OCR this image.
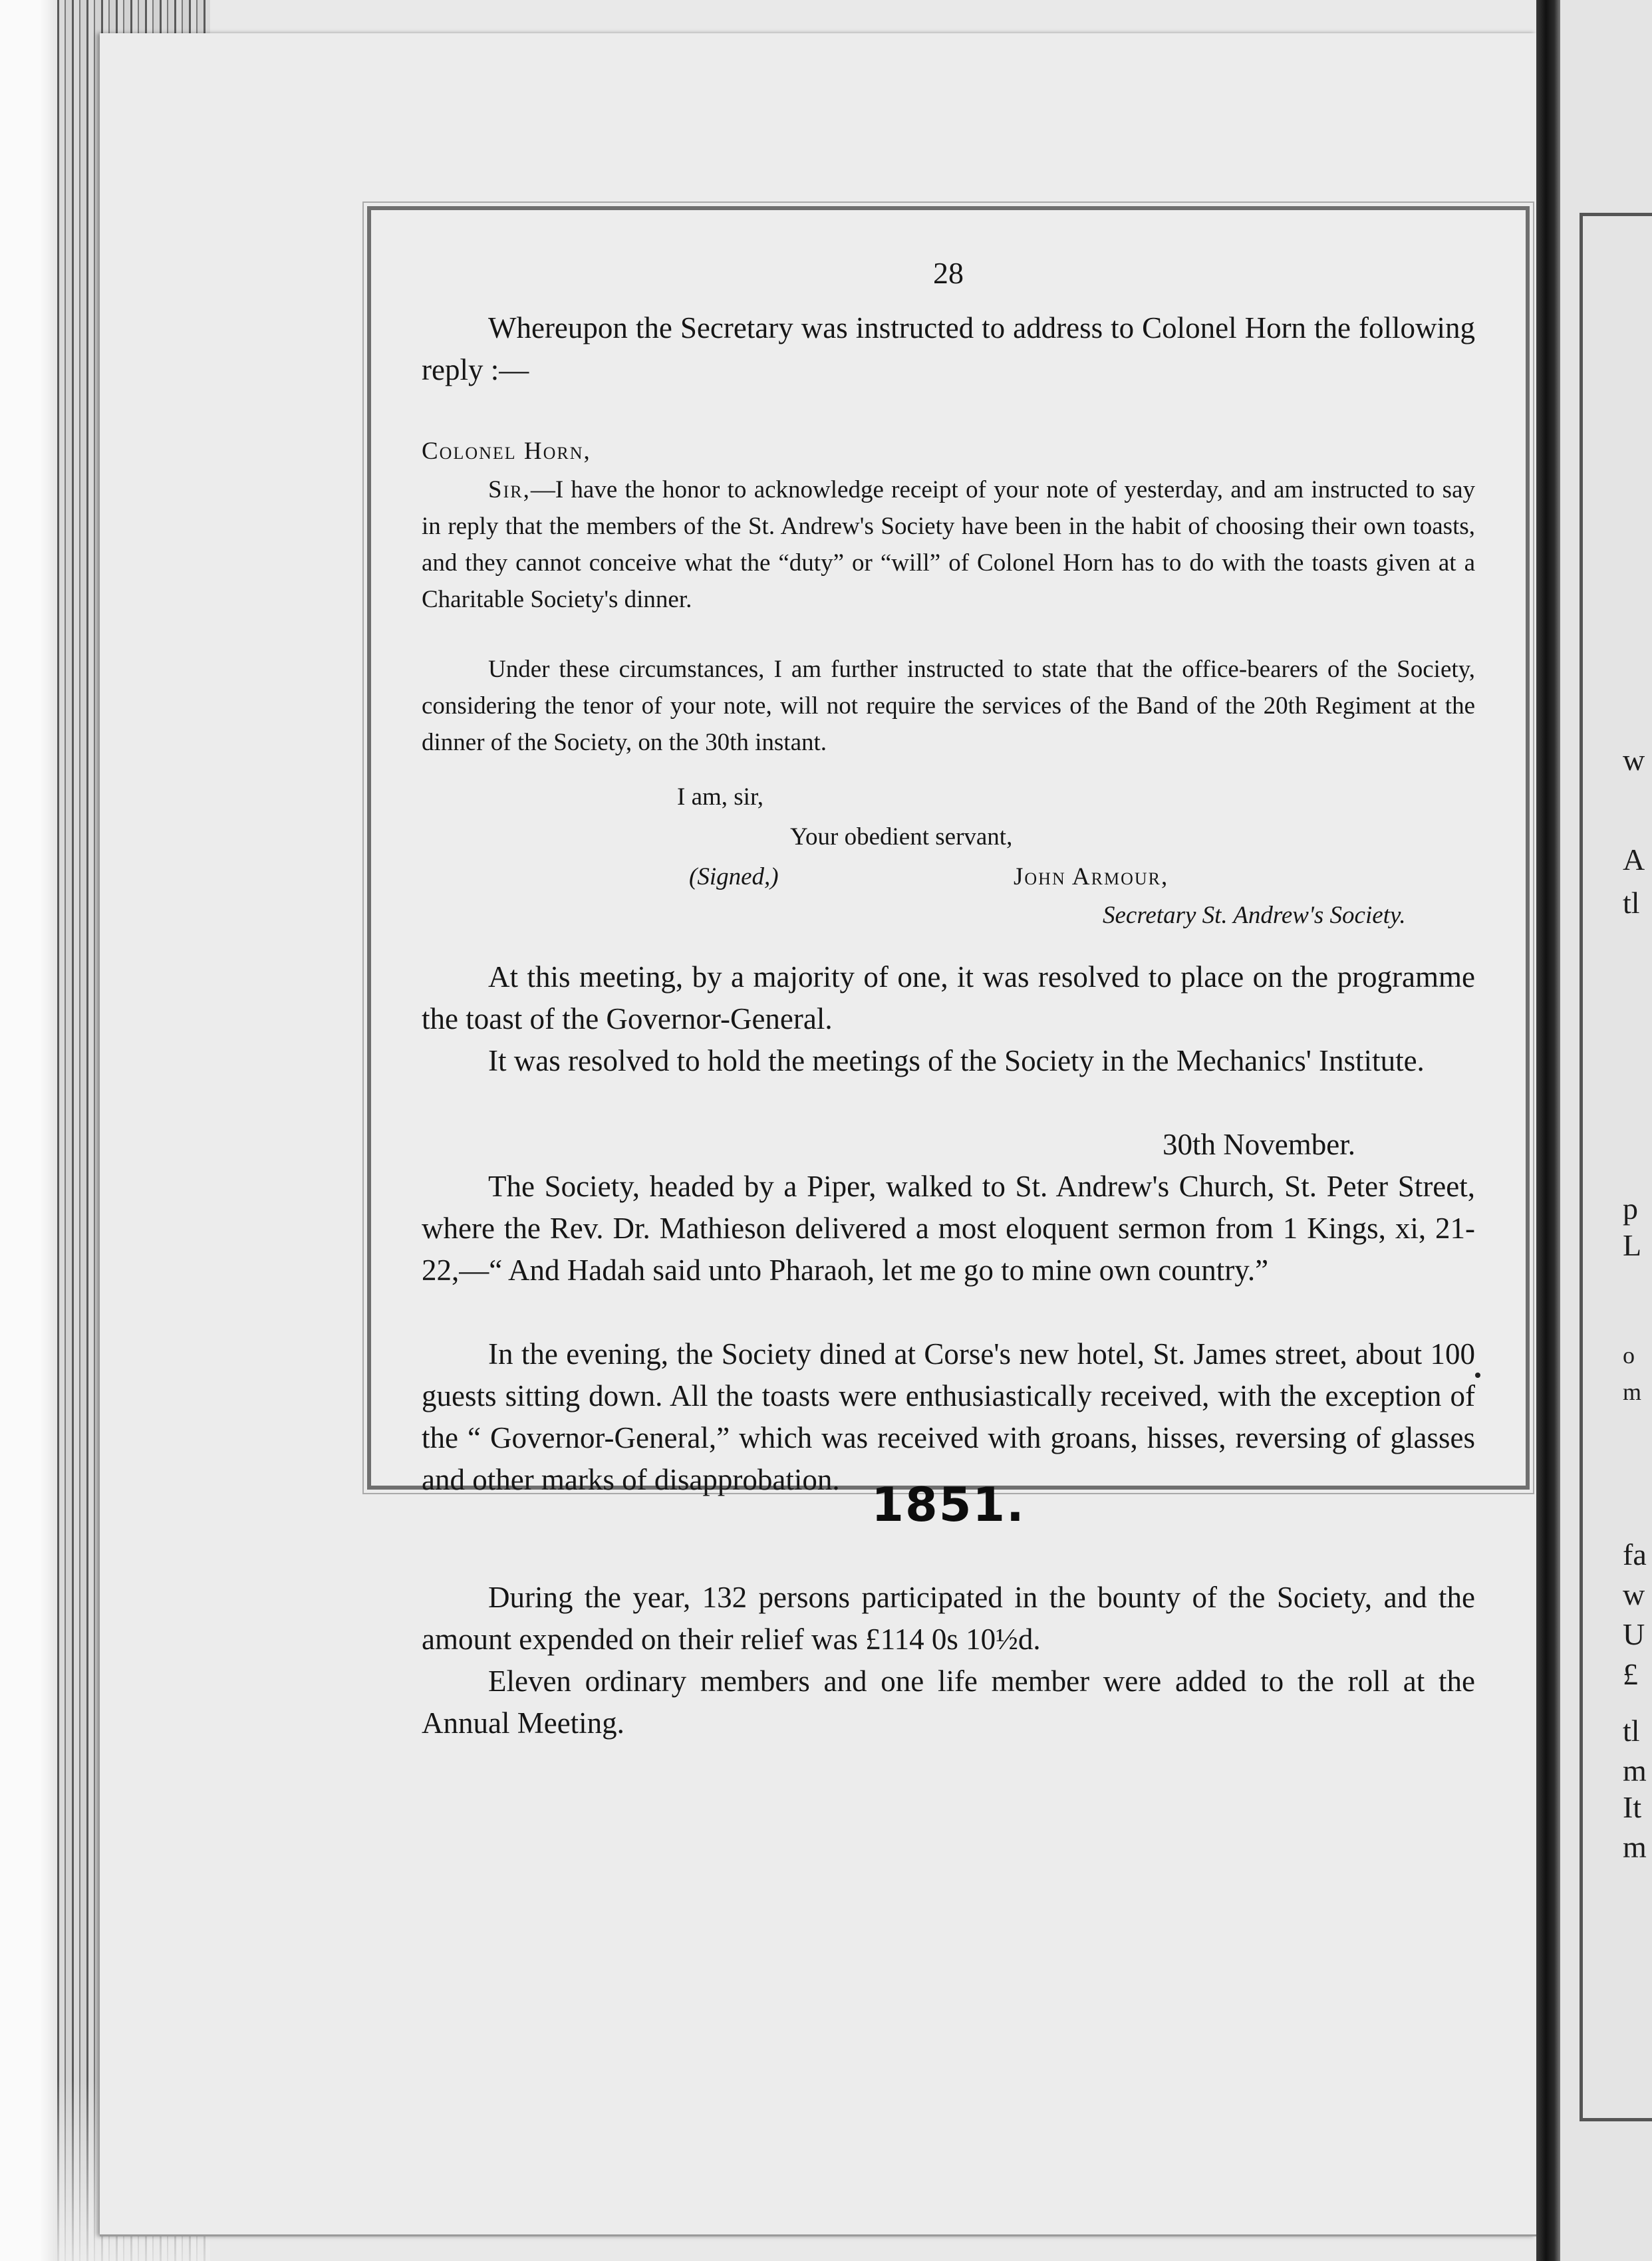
w
A
tl
p
L
o
m
fa
w
U
£
tl
m
It
m
28

Whereupon the Secretary was instructed to address to Colonel Horn the following reply :—

Colonel Horn,

Sir,—I have the honor to acknowledge receipt of your note of yesterday, and am instructed to say in reply that the members of the St. Andrew's Society have been in the habit of choosing their own toasts, and they cannot conceive what the “duty” or “will” of Colonel Horn has to do with the toasts given at a Charitable Society's dinner.

Under these circumstances, I am further instructed to state that the office-bearers of the Society, considering the tenor of your note, will not require the services of the Band of the 20th Regiment at the dinner of the Society, on the 30th instant.

I am, sir,

Your obedient servant,

(Signed,)	John Armour,

Secretary St. Andrew's Society.

At this meeting, by a majority of one, it was resolved to place on the programme the toast of the Governor-General.

It was resolved to hold the meetings of the Society in the Mechanics' Institute.

30th November.

The Society, headed by a Piper, walked to St. Andrew's Church, St. Peter Street, where the Rev. Dr. Mathieson delivered a most eloquent sermon from 1 Kings, xi, 21-22,—“ And Hadah said unto Pharaoh, let me go to mine own country.”

In the evening, the Society dined at Corse's new hotel, St. James street, about 100 guests sitting down. All the toasts were enthusiastically received, with the exception of the “ Governor-General,” which was received with groans, hisses, reversing of glasses and other marks of disapprobation. 1851.

During the year, 132 persons participated in the bounty of the Society, and the amount expended on their relief was £114 0s 10½d.

Eleven ordinary members and one life member were added to the roll at the Annual Meeting.
